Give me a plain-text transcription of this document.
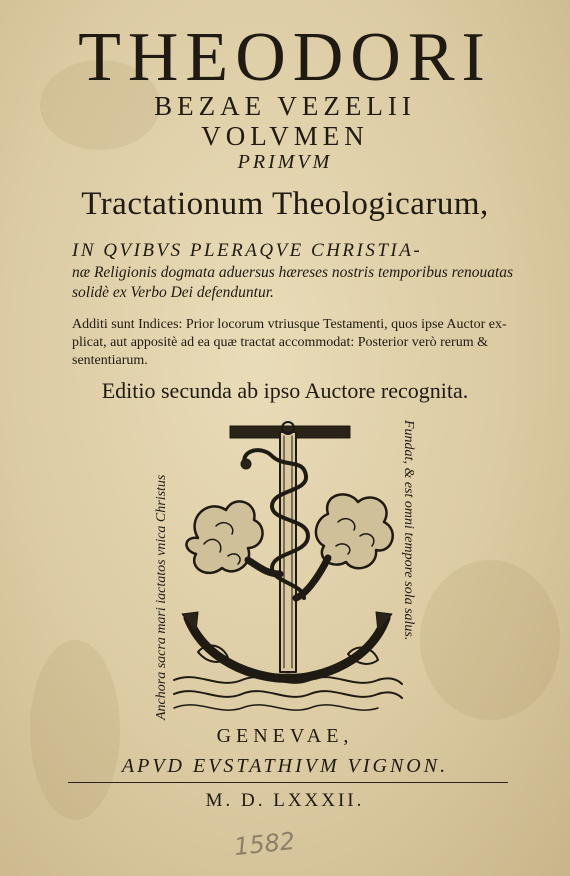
THEODORI
BEZAE VEZELII
VOLVMEN
PRIMVM
Tractationum Theologicarum,
IN QVIBVS PLERAQVE CHRISTIA-
næ Religionis dogmata aduersus hæreses nostris temporibus renouatas
solidè ex Verbo Dei defenduntur.
Additi sunt Indices: Prior locorum vtriusque Testamenti, quos ipse Auctor ex-
plicat, aut appositè ad ea quæ tractat accommodat: Posterior verò rerum &
sententiarum.
Editio secunda ab ipso Auctore recognita.
Anchora sacra mari iactatos vnica Christus	Fundat, & est omni tempore sola salus.
GENEVAE,
APVD EVSTATHIVM VIGNON.
M. D. LXXXII.
1582
